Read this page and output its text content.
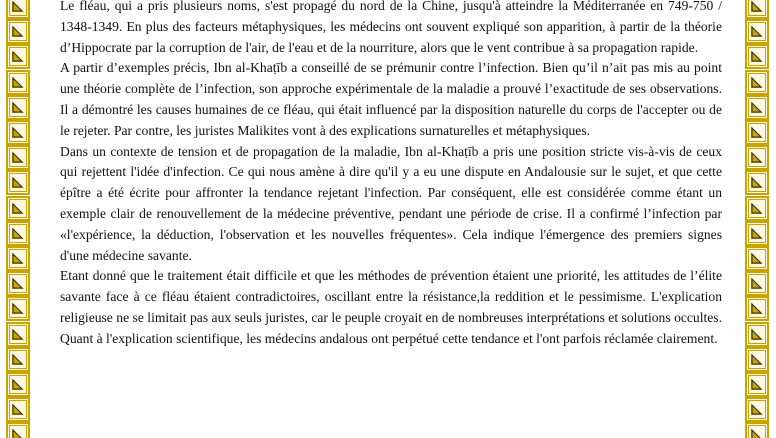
Le fléau, qui a pris plusieurs noms, s'est propagé du nord de la Chine, jusqu'à atteindre la Méditerranée en 749-750 / 1348-1349. En plus des facteurs métaphysiques, les médecins ont souvent expliqué son apparition, à partir de la théorie d’Hippocrate par la corruption de l'air, de l'eau et de la nourriture, alors que le vent contribue à sa propagation rapide.

A partir d’exemples précis, Ibn al-Khaṭīb a conseillé de se prémunir contre l’infection. Bien qu’il n’ait pas mis au point une théorie complète de l’infection, son approche expérimentale de la maladie a prouvé l’exactitude de ses observations. Il a démontré les causes humaines de ce fléau, qui était influencé par la disposition naturelle du corps de l'accepter ou de le rejeter. Par contre, les juristes Malikites vont à des explications surnaturelles et métaphysiques.

Dans un contexte de tension et de propagation de la maladie, Ibn al-Khaṭīb a pris une position stricte vis-à-vis de ceux qui rejettent l'idée d'infection. Ce qui nous amène à dire qu'il y a eu une dispute en Andalousie sur le sujet, et que cette épître a été écrite pour affronter la tendance rejetant l'infection. Par conséquent, elle est considérée comme étant un exemple clair de renouvellement de la médecine préventive, pendant une période de crise. Il a confirmé l’infection par «l'expérience, la déduction, l'observation et les nouvelles fréquentes». Cela indique l'émergence des premiers signes d'une médecine savante.

Etant donné que le traitement était difficile et que les méthodes de prévention étaient une priorité, les attitudes de l’élite savante face à ce fléau étaient contradictoires, oscillant entre la résistance,la reddition et le pessimisme. L'explication religieuse ne se limitait pas aux seuls juristes, car le peuple croyait en de nombreuses interprétations et solutions occultes. Quant à l'explication scientifique, les médecins andalous ont perpétué cette tendance et l'ont parfois réclamée clairement.
